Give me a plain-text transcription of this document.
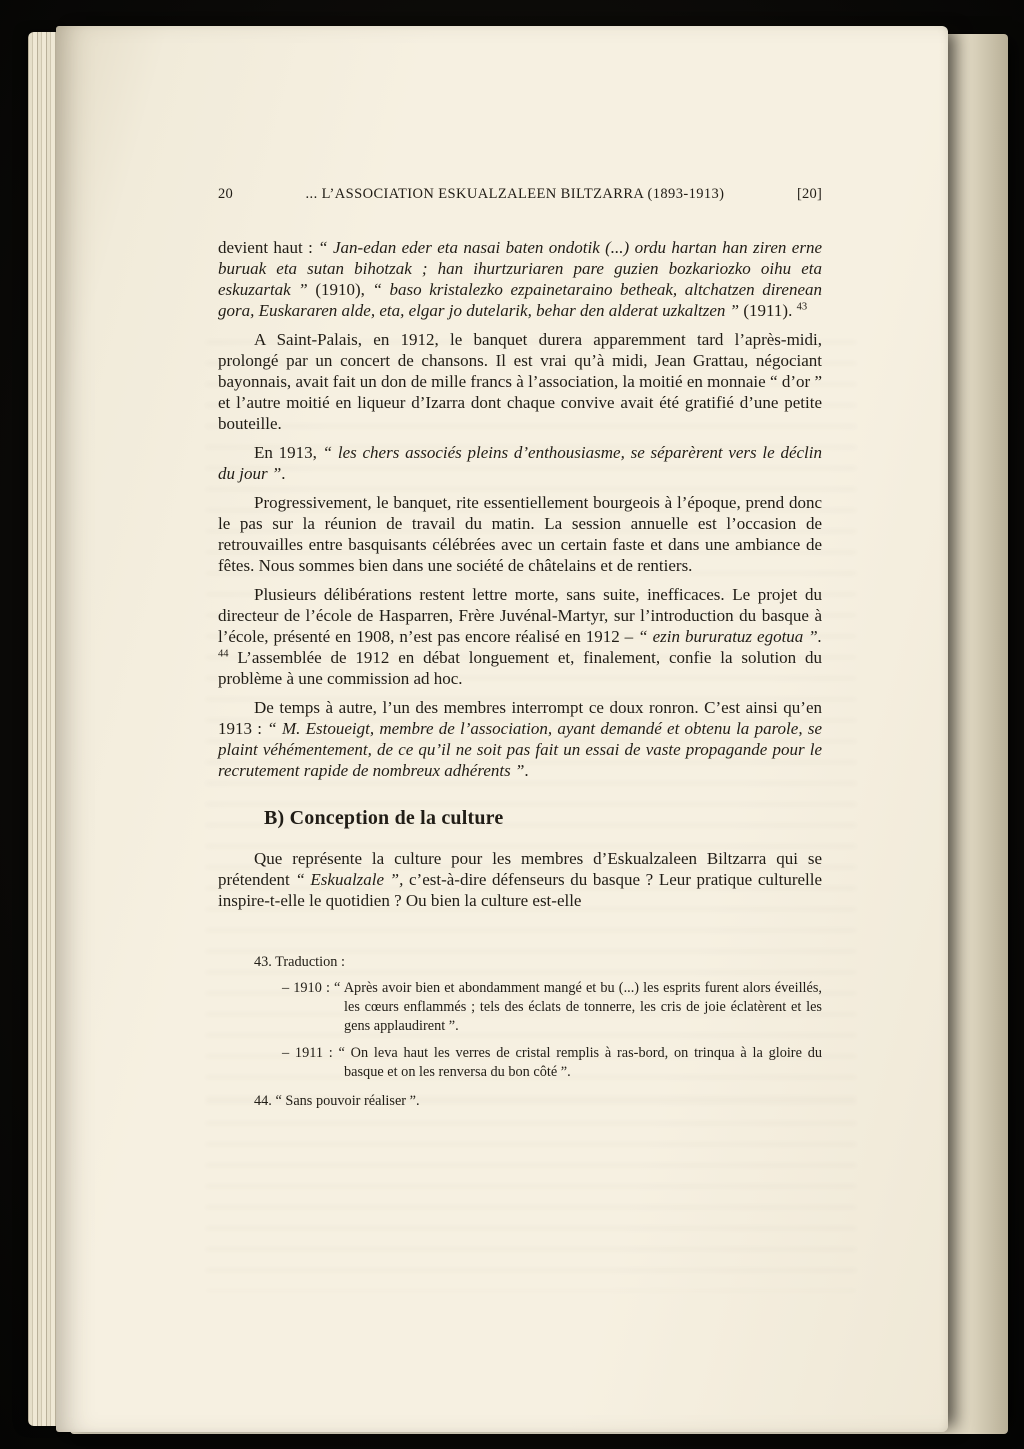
20	... L’ASSOCIATION ESKUALZALEEN BILTZARRA (1893-1913)	[20]

devient haut : “ Jan-edan eder eta nasai baten ondotik (...) ordu hartan han ziren erne buruak eta sutan bihotzak ; han ihurtzuriaren pare guzien bozkariozko oihu eta eskuzartak ” (1910), “ baso kristalezko ezpainetaraino betheak, altchatzen direnean gora, Euskararen alde, eta, elgar jo dutelarik, behar den alderat uzkaltzen ” (1911). $^{43}$

A Saint-Palais, en 1912, le banquet durera apparemment tard l’après-midi, prolongé par un concert de chansons. Il est vrai qu’à midi, Jean Grattau, négociant bayonnais, avait fait un don de mille francs à l’association, la moitié en monnaie “ d’or ” et l’autre moitié en liqueur d’Izarra dont chaque convive avait été gratifié d’une petite bouteille.

En 1913, “ les chers associés pleins d’enthousiasme, se séparèrent vers le déclin du jour ”.

Progressivement, le banquet, rite essentiellement bourgeois à l’époque, prend donc le pas sur la réunion de travail du matin. La session annuelle est l’occasion de retrouvailles entre basquisants célébrées avec un certain faste et dans une ambiance de fêtes. Nous sommes bien dans une société de châtelains et de rentiers.

Plusieurs délibérations restent lettre morte, sans suite, inefficaces. Le projet du directeur de l’école de Hasparren, Frère Juvénal-Martyr, sur l’introduction du basque à l’école, présenté en 1908, n’est pas encore réalisé en 1912 – “ ezin bururatuz egotua ”. $^{44}$ L’assemblée de 1912 en débat longuement et, finalement, confie la solution du problème à une commission ad hoc.

De temps à autre, l’un des membres interrompt ce doux ronron. C’est ainsi qu’en 1913 : “ M. Estoueigt, membre de l’association, ayant demandé et obtenu la parole, se plaint véhémentement, de ce qu’il ne soit pas fait un essai de vaste propagande pour le recrutement rapide de nombreux adhérents ”.

B) Conception de la culture

Que représente la culture pour les membres d’Eskualzaleen Biltzarra qui se prétendent “ Eskualzale ”, c’est-à-dire défenseurs du basque ? Leur pratique culturelle inspire-t-elle le quotidien ? Ou bien la culture est-elle

43. Traduction :
– 1910 : “ Après avoir bien et abondamment mangé et bu (...) les esprits furent alors éveillés, les cœurs enflammés ; tels des éclats de tonnerre, les cris de joie éclatèrent et les gens applaudirent ”.
– 1911 : “ On leva haut les verres de cristal remplis à ras-bord, on trinqua à la gloire du basque et on les renversa du bon côté ”.
44. “ Sans pouvoir réaliser ”.
